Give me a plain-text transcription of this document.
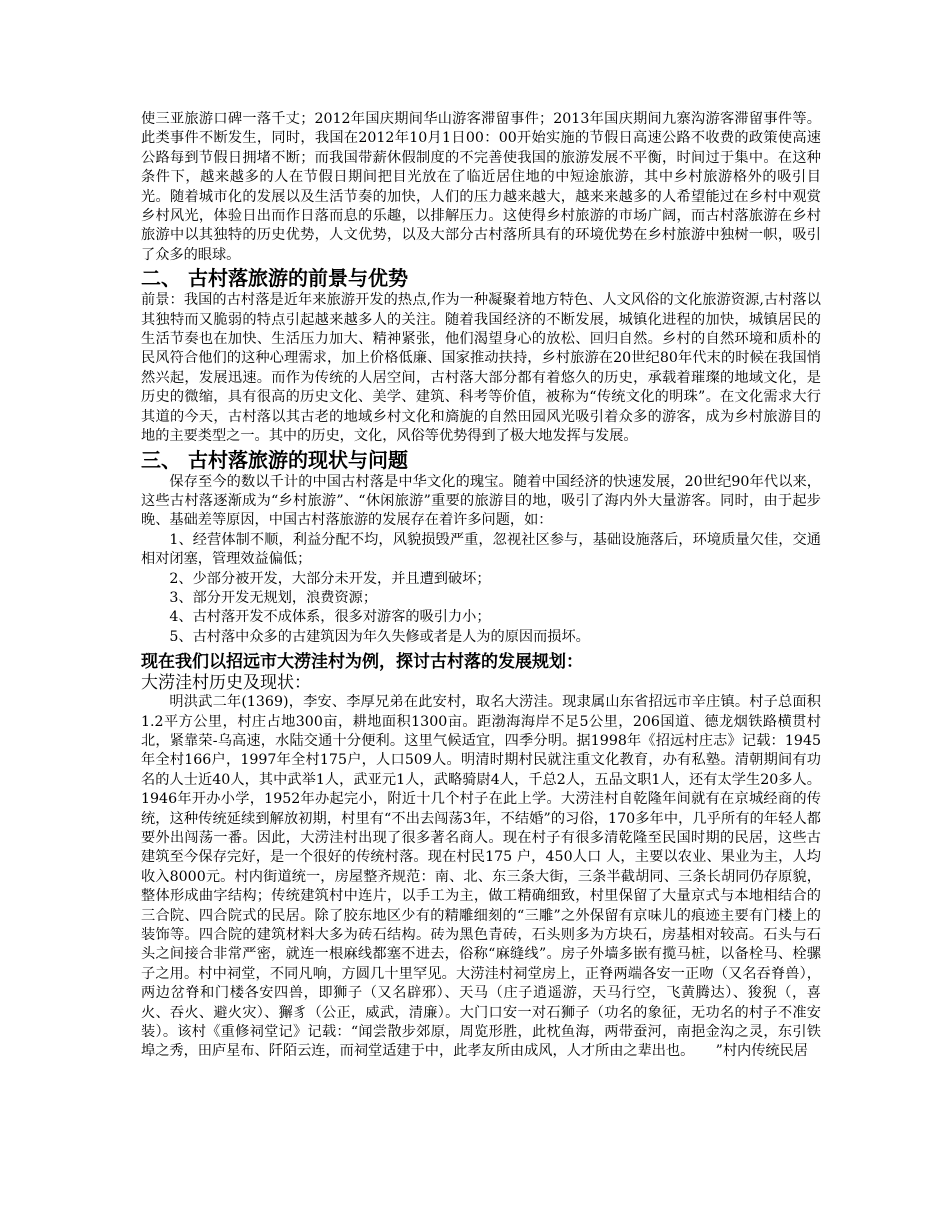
使三亚旅游口碑一落千丈；2012年国庆期间华山游客滞留事件；2013年国庆期间九寨沟游客滞留事件等。此类事件不断发生，同时，我国在2012年10月1日00：00开始实施的节假日高速公路不收费的政策使高速公路每到节假日拥堵不断；而我国带薪休假制度的不完善使我国的旅游发展不平衡，时间过于集中。在这种条件下，越来越多的人在节假日期间把目光放在了临近居住地的中短途旅游，其中乡村旅游格外的吸引目光。随着城市化的发展以及生活节奏的加快，人们的压力越来越大，越来来越多的人希望能过在乡村中观赏乡村风光，体验日出而作日落而息的乐趣，以排解压力。这使得乡村旅游的市场广阔，而古村落旅游在乡村旅游中以其独特的历史优势，人文优势，以及大部分古村落所具有的环境优势在乡村旅游中独树一帜，吸引了众多的眼球。

二、 古村落旅游的前景与优势

前景：我国的古村落是近年来旅游开发的热点,作为一种凝聚着地方特色、人文风俗的文化旅游资源,古村落以其独特而又脆弱的特点引起越来越多人的关注。随着我国经济的不断发展，城镇化进程的加快，城镇居民的生活节奏也在加快、生活压力加大、精神紧张，他们渴望身心的放松、回归自然。乡村的自然环境和质朴的民风符合他们的这种心理需求，加上价格低廉、国家推动扶持，乡村旅游在20世纪80年代末的时候在我国悄然兴起，发展迅速。而作为传统的人居空间，古村落大部分都有着悠久的历史，承载着璀璨的地域文化，是历史的微缩，具有很高的历史文化、美学、建筑、科考等价值，被称为“传统文化的明珠”。在文化需求大行其道的今天，古村落以其古老的地域乡村文化和旖旎的自然田园风光吸引着众多的游客，成为乡村旅游目的地的主要类型之一。其中的历史，文化，风俗等优势得到了极大地发挥与发展。

三、 古村落旅游的现状与问题

保存至今的数以千计的中国古村落是中华文化的瑰宝。随着中国经济的快速发展，20世纪90年代以来，这些古村落逐渐成为“乡村旅游”、“休闲旅游”重要的旅游目的地，吸引了海内外大量游客。同时，由于起步晚、基础差等原因，中国古村落旅游的发展存在着许多问题，如：

1、经营体制不顺，利益分配不均，风貌损毁严重，忽视社区参与，基础设施落后，环境质量欠佳，交通相对闭塞，管理效益偏低；

2、少部分被开发，大部分未开发，并且遭到破坏；

3、部分开发无规划，浪费资源；

4、古村落开发不成体系，很多对游客的吸引力小；

5、古村落中众多的古建筑因为年久失修或者是人为的原因而损坏。

现在我们以招远市大涝洼村为例，探讨古村落的发展规划：
大涝洼村历史及现状：

明洪武二年(1369)，李安、李厚兄弟在此安村，取名大涝洼。现隶属山东省招远市辛庄镇。村子总面积1.2平方公里，村庄占地300亩，耕地面积1300亩。距渤海海岸不足5公里，206国道、德龙烟铁路横贯村北，紧靠荣-乌高速，水陆交通十分便利。这里气候适宜，四季分明。据1998年《招远村庄志》记载：1945年全村166户，1997年全村175户，人口509人。明清时期村民就注重文化教育，办有私塾。清朝期间有功名的人士近40人，其中武举1人，武亚元1人，武略骑尉4人，千总2人，五品文职1人，还有太学生20多人。1946年开办小学，1952年办起完小，附近十几个村子在此上学。大涝洼村自乾隆年间就有在京城经商的传统，这种传统延续到解放初期，村里有“不出去闯荡3年，不结婚”的习俗，170多年中，几乎所有的年轻人都要外出闯荡一番。因此，大涝洼村出现了很多著名商人。现在村子有很多清乾隆至民国时期的民居，这些古建筑至今保存完好，是一个很好的传统村落。现在村民175 户，450人口 人，主要以农业、果业为主，人均收入8000元。村内街道统一，房屋整齐规范：南、北、东三条大街，三条半截胡同、三条长胡同仍存原貌，整体形成曲字结构；传统建筑村中连片，以手工为主，做工精确细致，村里保留了大量京式与本地相结合的三合院、四合院式的民居。除了胶东地区少有的精雕细刻的“三雕”之外保留有京味儿的痕迹主要有门楼上的装饰等。四合院的建筑材料大多为砖石结构。砖为黑色青砖，石头则多为方块石，房基相对较高。石头与石头之间接合非常严密，就连一根麻线都塞不进去，俗称“麻缝线”。房子外墙多嵌有揽马桩，以备栓马、栓骡子之用。村中祠堂，不同凡响，方圆几十里罕见。大涝洼村祠堂房上，正脊两端各安一正吻（又名吞脊兽），两边岔脊和门楼各安四兽，即狮子（又名辟邪）、天马（庄子逍遥游，天马行空，飞黄腾达）、狻猊（，喜火、吞火、避火灾）、獬豸（公正，威武，清廉）。大门口安一对石狮子（功名的象征，无功名的村子不准安装）。该村《重修祠堂记》记载：“闻尝散步郊原，周览形胜，此枕鱼海，两带蚕河，南挹金沟之灵，东引铁埠之秀，田庐星布、阡陌云连，而祠堂适建于中，此孝友所由成风，人才所由之辈出也。　　”村内传统民居
